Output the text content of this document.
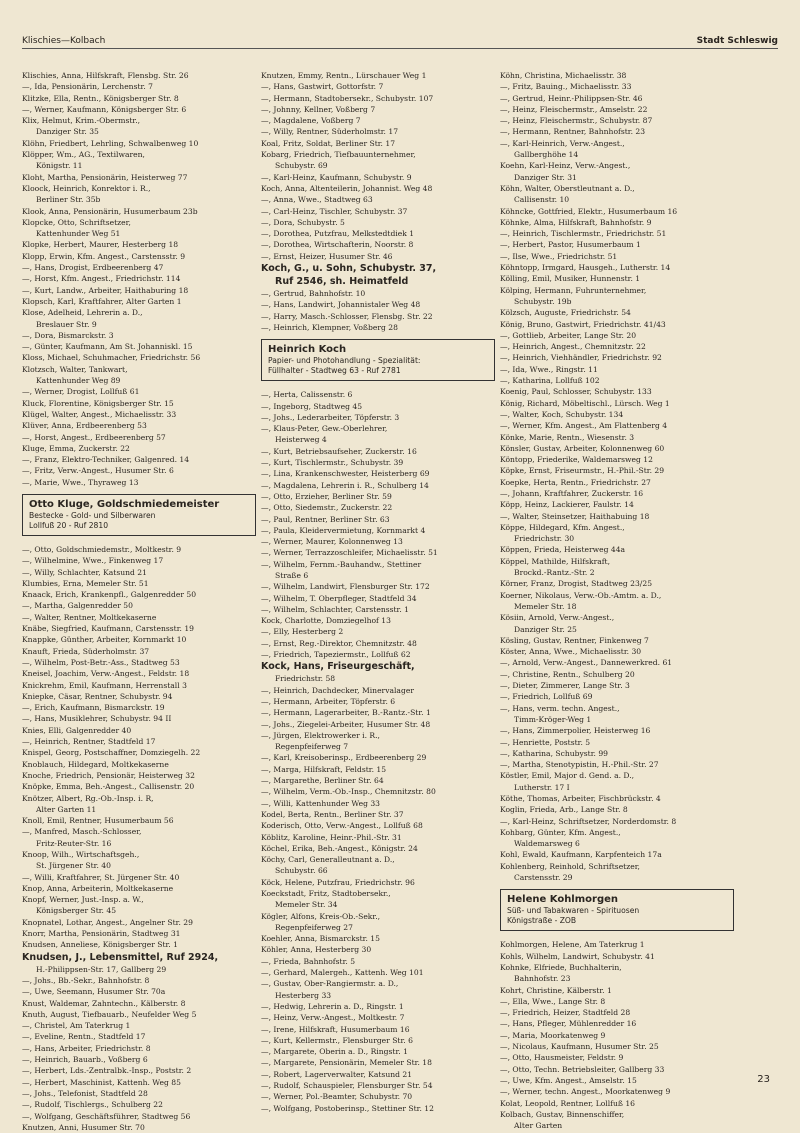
Klischies—Kolbach	Stadt Schleswig
Klischies, Anna, Hilfskraft, Flensbg. Str. 26
—, Ida, Pensionärin, Lerchenstr. 7
Klitzke, Ella, Rentn., Königsberger Str. 8
—, Werner, Kaufmann, Königsberger Str. 6
Klix, Helmut, Krim.-Obermstr.,
Danziger Str. 35
Klöhn, Friedbert, Lehrling, Schwalbenweg 10
Klöpper, Wm., AG., Textilwaren,
Königstr. 11
Kloht, Martha, Pensionärin, Heisterweg 77
Kloock, Heinrich, Konrektor i. R.,
Berliner Str. 35b
Klook, Anna, Pensionärin, Husumerbaum 23b
Klopcke, Otto, Schriftsetzer,
Kattenhunder Weg 51
Klopke, Herbert, Maurer, Hesterberg 18
Klopp, Erwin, Kfm. Angest., Carstensstr. 9
—, Hans, Drogist, Erdbeerenberg 47
—, Horst, Kfm. Angest., Friedrichstr. 114
—, Kurt, Landw., Arbeiter, Haithaburing 18
Klopsch, Karl, Kraftfahrer, Alter Garten 1
Klose, Adelheid, Lehrerin a. D.,
Breslauer Str. 9
—, Dora, Bismarckstr. 3
—, Günter, Kaufmann, Am St. Johanniskl. 15
Kloss, Michael, Schuhmacher, Friedrichstr. 56
Klotzsch, Walter, Tankwart,
Kattenhunder Weg 89
—, Werner, Drogist, Lollfuß 61
Kluck, Florentine, Königsberger Str. 15
Klügel, Walter, Angest., Michaelisstr. 33
Klüver, Anna, Erdbeerenberg 53
—, Horst, Angest., Erdbeerenberg 57
Kluge, Emma, Zuckerstr. 22
—, Franz, Elektro-Techniker, Galgenred. 14
—, Fritz, Verw.-Angest., Husumer Str. 6
—, Marie, Wwe., Thyraweg 13
Otto Kluge, Goldschmiedemeister
Bestecke - Gold- und Silberwaren
Lollfuß 20 - Ruf 2810
—, Otto, Goldschmiedemstr., Moltkestr. 9
—, Wilhelmine, Wwe., Finkenweg 17
—, Willy, Schlachter, Katsund 21
Klumbies, Erna, Memeler Str. 51
Knaack, Erich, Krankenpfl., Galgenredder 50
—, Martha, Galgenredder 50
—, Walter, Rentner, Moltkekaserne
Knäbe, Siegfried, Kaufmann, Carstensstr. 19
Knappke, Günther, Arbeiter, Kornmarkt 10
Knauft, Frieda, Süderholmstr. 37
—, Wilhelm, Post-Betr.-Ass., Stadtweg 53
Kneisel, Joachim, Verw.-Angest., Feldstr. 18
Knickrehm, Emil, Kaufmann, Herrenstall 3
Kniepke, Cäsar, Rentner, Schubystr. 94
—, Erich, Kaufmann, Bismarckstr. 19
—, Hans, Musiklehrer, Schubystr. 94 II
Knies, Elli, Galgenredder 40
—, Heinrich, Rentner, Stadtfeld 17
Knispel, Georg, Postschaffner, Domziegelh. 22
Knoblauch, Hildegard, Moltkekaserne
Knoche, Friedrich, Pensionär, Heisterweg 32
Knöpke, Emma, Beh.-Angest., Callisenstr. 20
Knötzer, Albert, Rg.-Ob.-Insp. i. R,
Alter Garten 11
Knoll, Emil, Rentner, Husumerbaum 56
—, Manfred, Masch.-Schlosser,
Fritz-Reuter-Str. 16
Knoop, Wilh., Wirtschaftsgeh.,
St. Jürgener Str. 40
—, Willi, Kraftfahrer, St. Jürgener Str. 40
Knop, Anna, Arbeiterin, Moltkekaserne
Knopf, Werner, Just.-Insp. a. W.,
Königsberger Str. 45
Knopnatel, Lothar, Angest., Angelner Str. 29
Knorr, Martha, Pensionärin, Stadtweg 31
Knudsen, Anneliese, Königsberger Str. 1
Knudsen, J., Lebensmittel, Ruf 2924,
H.-Philippsen-Str. 17, Gallberg 29
—, Johs., Bb.-Sekr., Bahnhofstr. 8
—, Uwe, Seemann, Husumer Str. 70a
Knust, Waldemar, Zahntechn., Kälberstr. 8
Knuth, August, Tiefbauarb., Neufelder Weg 5
—, Christel, Am Taterkrug 1
—, Eveline, Rentn., Stadtfeld 17
—, Hans, Arbeiter, Friedrichstr. 8
—, Heinrich, Bauarb., Voßberg 6
—, Herbert, Lds.-Zentralbk.-Insp., Poststr. 2
—, Herbert, Maschinist, Kattenh. Weg 85
—, Johs., Telefonist, Stadtfeld 28
—, Rudolf, Tischlergs., Schulberg 22
—, Wolfgang, Geschäftsführer, Stadtweg 56
Knutzen, Anni, Husumer Str. 70
Knutzen, Emmy, Rentn., Lürschauer Weg 1
—, Hans, Gastwirt, Gottorfstr. 7
—, Hermann, Stadtobersekr., Schubystr. 107
—, Johnny, Kellner, Voßberg 7
—, Magdalene, Voßberg 7
—, Willy, Rentner, Süderholmstr. 17
Koal, Fritz, Soldat, Berliner Str. 17
Kobarg, Friedrich, Tiefbauunternehmer,
Schubystr. 69
—, Karl-Heinz, Kaufmann, Schubystr. 9
Koch, Anna, Altenteilerin, Johannist. Weg 48
—, Anna, Wwe., Stadtweg 63
—, Carl-Heinz, Tischler, Schubystr. 37
—, Dora, Schubystr. 5
—, Dorothea, Putzfrau, Melkstedtdiek 1
—, Dorothea, Wirtschafterin, Noorstr. 8
—, Ernst, Heizer, Husumer Str. 46
Koch, G., u. Sohn, Schubystr. 37,
Ruf 2546, sh. Heimatfeld
—, Gertrud, Bahnhofstr. 10
—, Hans, Landwirt, Johannistaler Weg 48
—, Harry, Masch.-Schlosser, Flensbg. Str. 22
—, Heinrich, Klempner, Voßberg 28
Heinrich Koch
Papier- und Photohandlung - Spezialität:
Füllhalter - Stadtweg 63 - Ruf 2781
—, Herta, Calissenstr. 6
—, Ingeborg, Stadtweg 45
—, Johs., Lederarbeiter, Töpferstr. 3
—, Klaus-Peter, Gew.-Oberlehrer,
Heisterweg 4
—, Kurt, Betriebsaufseher, Zuckerstr. 16
—, Kurt, Tischlermstr., Schubystr. 39
—, Lina, Krankenschwester, Heisterberg 69
—, Magdalena, Lehrerin i. R., Schulberg 14
—, Otto, Erzieher, Berliner Str. 59
—, Otto, Siedemstr., Zuckerstr. 22
—, Paul, Rentner, Berliner Str. 63
—, Paula, Kleidervermietung, Kornmarkt 4
—, Werner, Maurer, Kolonnenweg 13
—, Werner, Terrazzoschleifer, Michaelisstr. 51
—, Wilhelm, Fernm.-Bauhandw., Stettiner
Straße 6
—, Wilhelm, Landwirt, Flensburger Str. 172
—, Wilhelm, T. Oberpfleger, Stadtfeld 34
—, Wilhelm, Schlachter, Carstensstr. 1
Kock, Charlotte, Domziegelhof 13
—, Elly, Hesterberg 2
—, Ernst, Reg.-Direktor, Chemnitzstr. 48
—, Friedrich, Tapeziermstr., Lollfuß 62
Kock, Hans, Friseurgeschäft,
Friedrichstr. 58
—, Heinrich, Dachdecker, Minervalager
—, Hermann, Arbeiter, Töpferstr. 6
—, Hermann, Lagerarbeiter, B.-Rantz.-Str. 1
—, Johs., Ziegelei-Arbeiter, Husumer Str. 48
—, Jürgen, Elektrowerker i. R.,
Regenpfeiferweg 7
—, Karl, Kreisoberinsp., Erdbeerenberg 29
—, Marga, Hilfskraft, Feldstr. 15
—, Margarethe, Berliner Str. 64
—, Wilhelm, Verm.-Ob.-Insp., Chemnitzstr. 80
—, Willi, Kattenhunder Weg 33
Kodel, Berta, Rentn., Berliner Str. 37
Koderisch, Otto, Verw.-Angest., Lollfuß 68
Köblitz, Karoline, Heinr.-Phil.-Str. 31
Köchel, Erika, Beh.-Angest., Königstr. 24
Köchy, Carl, Generalleutnant a. D.,
Schubystr. 66
Köck, Helene, Putzfrau, Friedrichstr. 96
Koeckstadt, Fritz, Stadtobersekr.,
Memeler Str. 34
Kögler, Alfons, Kreis-Ob.-Sekr.,
Regenpfeiferweg 27
Koehler, Anna, Bismarckstr. 15
Köhler, Anna, Hesterberg 30
—, Frieda, Bahnhofstr. 5
—, Gerhard, Malergeh., Kattenh. Weg 101
—, Gustav, Ober-Rangiermstr. a. D.,
Hesterberg 33
—, Hedwig, Lehrerin a. D., Ringstr. 1
—, Heinz, Verw.-Angest., Moltkestr. 7
—, Irene, Hilfskraft, Husumerbaum 16
—, Kurt, Kellermstr., Flensburger Str. 6
—, Margarete, Oberin a. D., Ringstr. 1
—, Margarete, Pensionärin, Memeler Str. 18
—, Robert, Lagerverwalter, Katsund 21
—, Rudolf, Schauspieler, Flensburger Str. 54
—, Werner, Pol.-Beamter, Schubystr. 70
—, Wolfgang, Postoberinsp., Stettiner Str. 12
Köhn, Christina, Michaelisstr. 38
—, Fritz, Bauing., Michaelisstr. 33
—, Gertrud, Heinr.-Philippsen-Str. 46
—, Heinz, Fleischermstr., Amselstr. 22
—, Heinz, Fleischermstr., Schubystr. 87
—, Hermann, Rentner, Bahnhofstr. 23
—, Karl-Heinrich, Verw.-Angest.,
Gallberghöhe 14
Koehn, Karl-Heinz, Verw.-Angest.,
Danziger Str. 31
Köhn, Walter, Oberstleutnant a. D.,
Callisenstr. 10
Köhncke, Gottfried, Elektr., Husumerbaum 16
Köhnke, Alma, Hilfskraft, Bahnhofstr. 9
—, Heinrich, Tischlermstr., Friedrichstr. 51
—, Herbert, Pastor, Husumerbaum 1
—, Ilse, Wwe., Friedrichstr. 51
Köhntopp, Irmgard, Hausgeh., Lutherstr. 14
Kölling, Emil, Musiker, Hunnenstr. 1
Kölping, Hermann, Fuhrunternehmer,
Schubystr. 19b
Kölzsch, Auguste, Friedrichstr. 54
König, Bruno, Gastwirt, Friedrichstr. 41/43
—, Gottlieb, Arbeiter, Lange Str. 20
—, Heinrich, Angest., Chemnitzstr. 22
—, Heinrich, Viehhändler, Friedrichstr. 92
—, Ida, Wwe., Ringstr. 11
—, Katharina, Lollfuß 102
Koenig, Paul, Schlosser, Schubystr. 133
König, Richard, Möbeltischl., Lürsch. Weg 1
—, Walter, Koch, Schubystr. 134
—, Werner, Kfm. Angest., Am Flattenberg 4
Könke, Marie, Rentn., Wiesenstr. 3
Könsler, Gustav, Arbeiter, Kolonnenweg 60
Köntopp, Friederike, Waldemarsweg 12
Köpke, Ernst, Friseurmstr., H.-Phil.-Str. 29
Koepke, Herta, Rentn., Friedrichstr. 27
—, Johann, Kraftfahrer, Zuckerstr. 16
Köpp, Heinz, Lackierer, Faulstr. 14
—, Walter, Steinsetzer, Haithabuing 18
Köppe, Hildegard, Kfm. Angest.,
Friedrichstr. 30
Köppen, Frieda, Heisterweg 44a
Köppel, Mathilde, Hilfskraft,
Brockd.-Rantz.-Str. 2
Körner, Franz, Drogist, Stadtweg 23/25
Koerner, Nikolaus, Verw.-Ob.-Amtm. a. D.,
Memeler Str. 18
Kösiin, Arnold, Verw.-Angest.,
Danziger Str. 25
Kösling, Gustav, Rentner, Finkenweg 7
Köster, Anna, Wwe., Michaelisstr. 30
—, Arnold, Verw.-Angest., Dannewerkred. 61
—, Christine, Rentn., Schulberg 20
—, Dieter, Zimmerer, Lange Str. 3
—, Friedrich, Lollfuß 69
—, Hans, verm. techn. Angest.,
Timm-Kröger-Weg 1
—, Hans, Zimmerpolier, Heisterweg 16
—, Henriette, Poststr. 5
—, Katharina, Schubystr. 99
—, Martha, Stenotypistin, H.-Phil.-Str. 27
Köstler, Emil, Major d. Gend. a. D.,
Lutherstr. 17 I
Köthe, Thomas, Arbeiter, Fischbrückstr. 4
Koglin, Frieda, Arb., Lange Str. 8
—, Karl-Heinz, Schriftsetzer, Norderdomstr. 8
Kohbarg, Günter, Kfm. Angest.,
Waldemarsweg 6
Kohl, Ewald, Kaufmann, Karpfenteich 17a
Kohlenberg, Reinhold, Schriftsetzer,
Carstensstr. 29
Helene Kohlmorgen
Süß- und Tabakwaren - Spirituosen
Königstraße - ZOB
Kohlmorgen, Helene, Am Taterkrug 1
Kohls, Wilhelm, Landwirt, Schubystr. 41
Kohnke, Elfriede, Buchhalterin,
Bahnhofstr. 23
Kohrt, Christine, Kälberstr. 1
—, Ella, Wwe., Lange Str. 8
—, Friedrich, Heizer, Stadtfeld 28
—, Hans, Pfleger, Mühlenredder 16
—, Maria, Moorkatenweg 9
—, Nicolaus, Kaufmann, Husumer Str. 25
—, Otto, Hausmeister, Feldstr. 9
—, Otto, Techn. Betriebsleiter, Gallberg 33
—, Uwe, Kfm. Angest., Amselstr. 15
—, Werner, techn. Angest., Moorkatenweg 9
Kolat, Leopold, Rentner, Lollfuß 16
Kolbach, Gustav, Binnenschiffer,
Alter Garten
23
